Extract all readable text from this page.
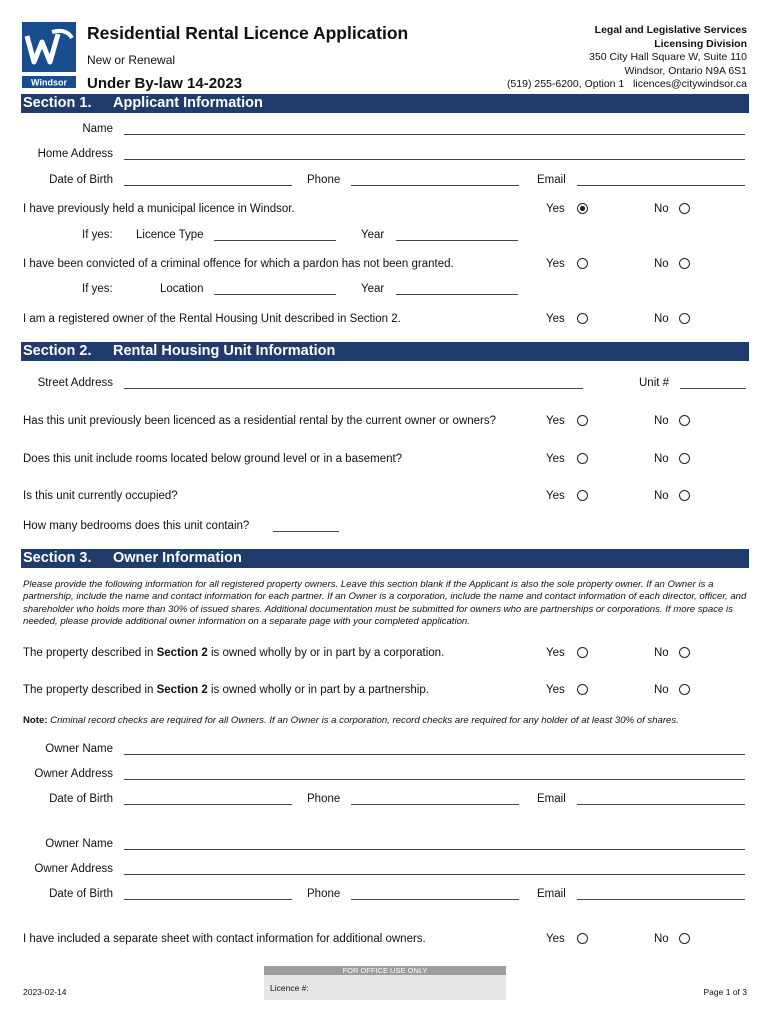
Windsor
Residential Rental Licence Application
New or Renewal
Under By-law 14-2023
Legal and Legislative Services
Licensing Division
350 City Hall Square W, Suite 110
Windsor, Ontario N9A 6S1
(519) 255-6200, Option 1 licences@citywindsor.ca
Section 1. Applicant Information
Name
Home Address
Date of Birth	Phone	Email
I have previously held a municipal licence in Windsor.	Yes	No
If yes: Licence Type	Year
I have been convicted of a criminal offence for which a pardon has not been granted.	Yes	No
If yes:	Location	Year
I am a registered owner of the Rental Housing Unit described in Section 2.	Yes	No
Section 2. Rental Housing Unit Information
Street Address	Unit #
Has this unit previously been licenced as a residential rental by the current owner or owners?	Yes	No
Does this unit include rooms located below ground level or in a basement?	Yes	No
Is this unit currently occupied?	Yes	No
How many bedrooms does this unit contain?
Section 3. Owner Information
Please provide the following information for all registered property owners. Leave this section blank if the Applicant is also the sole property owner. If an Owner is a partnership, include the name and contact information for each partner. If an Owner is a corporation, include the name and contact information of each director, officer, and shareholder who holds more than 30% of issued shares. Additional documentation must be submitted for owners who are partnerships or corporations. If more space is needed, please provide additional owner information on a separate page with your completed application.
The property described in Section 2 is owned wholly by or in part by a corporation.	Yes	No
The property described in Section 2 is owned wholly or in part by a partnership.	Yes	No
Note: Criminal record checks are required for all Owners. If an Owner is a corporation, record checks are required for any holder of at least 30% of shares.
Owner Name
Owner Address
Date of Birth	Phone	Email
Owner Name
Owner Address
Date of Birth	Phone	Email
I have included a separate sheet with contact information for additional owners.	Yes	No
FOR OFFICE USE ONLY
Licence #:
2023-02-14	Page 1 of 3
